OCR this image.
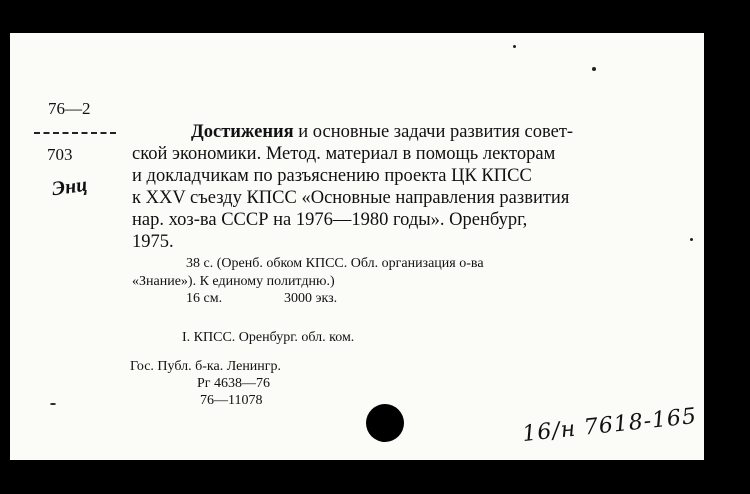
76—2
703
Энц
Достижения и основные задачи развития совет-
ской экономики. Метод. материал в помощь лекторам
и докладчикам по разъяснению проекта ЦК КПСС
к XXV съезду КПСС «Основные направления развития
нар. хоз-ва СССР на 1976—1980 годы». Оренбург,
1975.
38 с. (Оренб. обком КПСС. Обл. организация о-ва
«Знание»). К единому политдню.)
16 см.	3000 экз.
I. КПСС. Оренбург. обл. ком.
Гос. Публ. б-ка. Ленингр.
Рг 4638—76
76—11078
16/н 7618-165
